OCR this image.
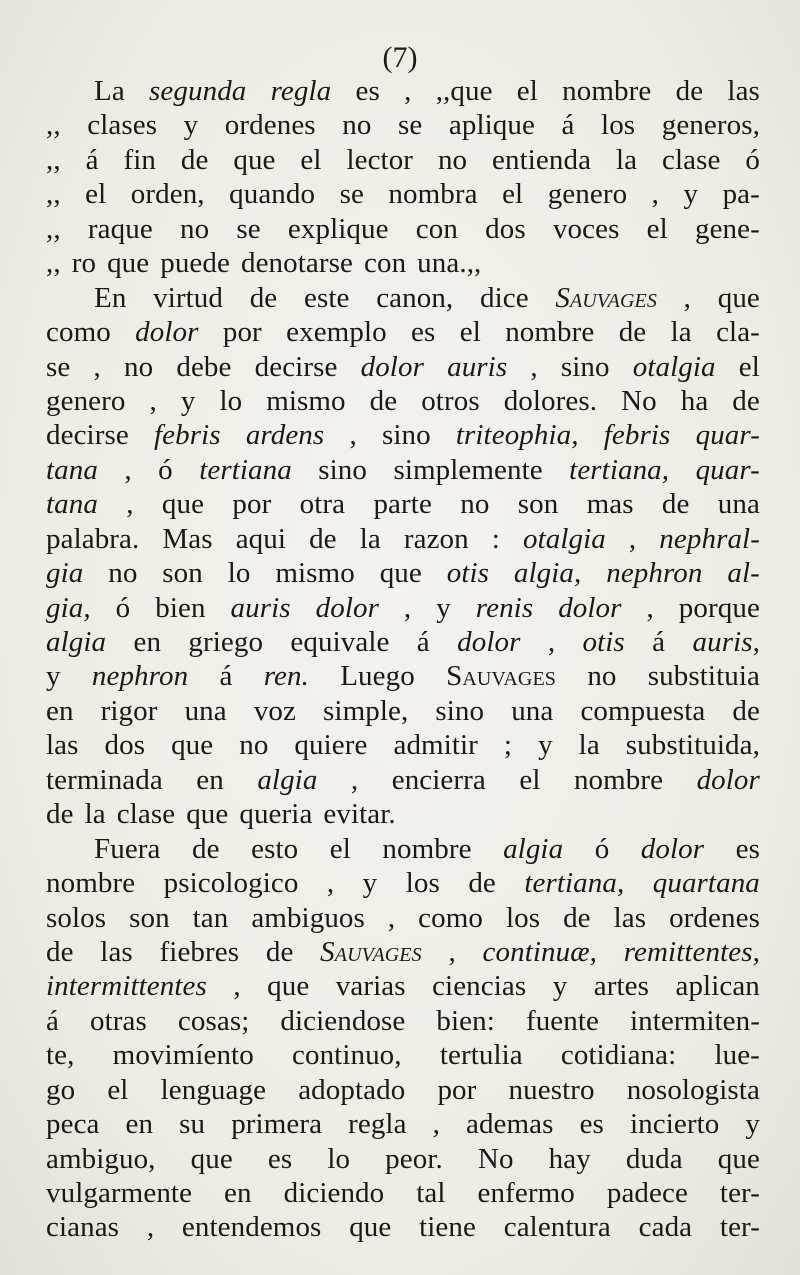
(7)
La segunda regla es , ,,que el nombre de las
,, clases y ordenes no se aplique á los generos,
,, á fin de que el lector no entienda la clase ó
,, el orden, quando se nombra el genero , y pa-
,, raque no se explique con dos voces el gene-
,, ro que puede denotarse con una.,,
En virtud de este canon, dice Sauvages , que
como dolor por exemplo es el nombre de la cla-
se , no debe decirse dolor auris , sino otalgia el
genero , y lo mismo de otros dolores. No ha de
decirse febris ardens , sino triteophia, febris quar-
tana , ó tertiana sino simplemente tertiana, quar-
tana , que por otra parte no son mas de una
palabra. Mas aqui de la razon : otalgia , nephral-
gia no son lo mismo que otis algia, nephron al-
gia, ó bien auris dolor , y renis dolor , porque
algia en griego equivale á dolor , otis á auris,
y nephron á ren. Luego Sauvages no substituia
en rigor una voz simple, sino una compuesta de
las dos que no quiere admitir ; y la substituida,
terminada en algia , encierra el nombre dolor
de la clase que queria evitar.
Fuera de esto el nombre algia ó dolor es
nombre psicologico , y los de tertiana, quartana
solos son tan ambiguos , como los de las ordenes
de las fiebres de Sauvages , continuæ, remittentes,
intermittentes , que varias ciencias y artes aplican
á otras cosas; diciendose bien: fuente intermiten-
te, movimíento continuo, tertulia cotidiana: lue-
go el lenguage adoptado por nuestro nosologista
peca en su primera regla , ademas es incierto y
ambiguo, que es lo peor. No hay duda que
vulgarmente en diciendo tal enfermo padece ter-
cianas , entendemos que tiene calentura cada ter-
